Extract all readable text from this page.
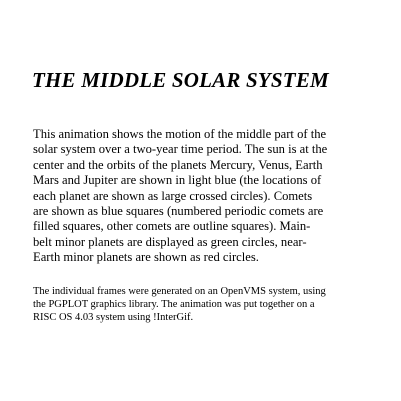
THE MIDDLE SOLAR SYSTEM

This animation shows the motion of the middle part of the
solar system over a two-year time period. The sun is at the
center and the orbits of the planets Mercury, Venus, Earth
Mars and Jupiter are shown in light blue (the locations of
each planet are shown as large crossed circles). Comets
are shown as blue squares (numbered periodic comets are
filled squares, other comets are outline squares). Main-
belt minor planets are displayed as green circles, near-
Earth minor planets are shown as red circles.

The individual frames were generated on an OpenVMS system, using
the PGPLOT graphics library. The animation was put together on a
RISC OS 4.03 system using !InterGif.
